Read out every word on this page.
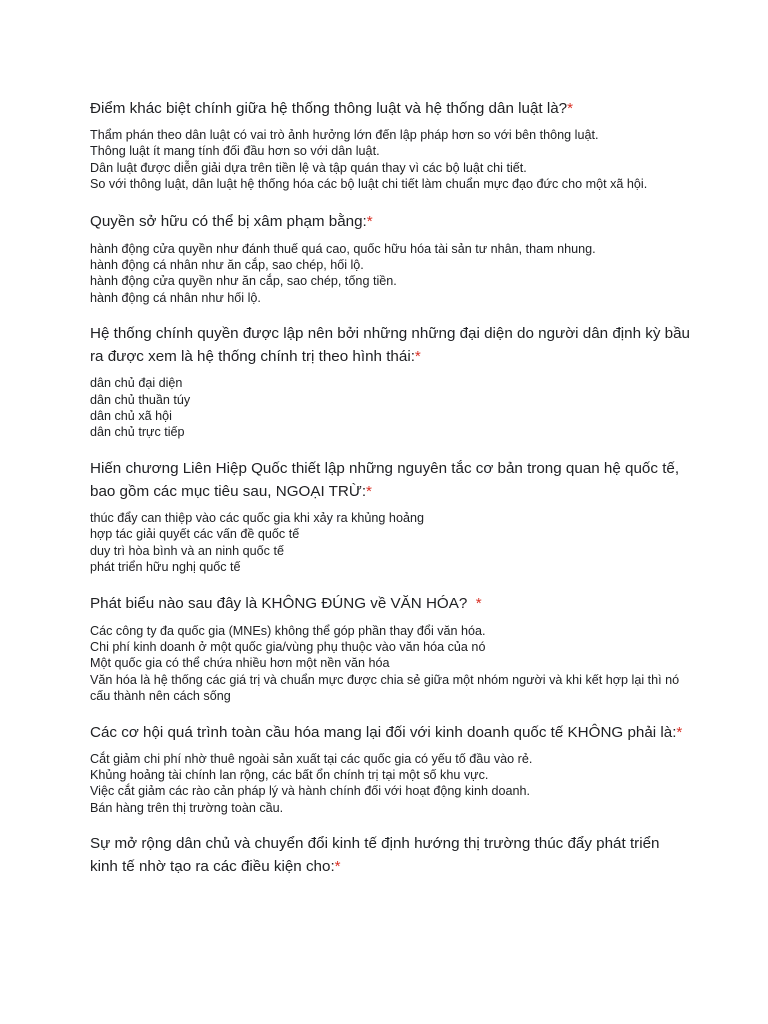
Điểm khác biệt chính giữa hệ thống thông luật và hệ thống dân luật là?*

Thẩm phán theo dân luật có vai trò ảnh hưởng lớn đến lập pháp hơn so với bên thông luật.
Thông luật ít mang tính đối đầu hơn so với dân luật.
Dân luật được diễn giải dựa trên tiền lệ và tập quán thay vì các bộ luật chi tiết.
So với thông luật, dân luật hệ thống hóa các bộ luật chi tiết làm chuẩn mực đạo đức cho một xã hội.

Quyền sở hữu có thể bị xâm phạm bằng:*

hành động cửa quyền như đánh thuế quá cao, quốc hữu hóa tài sản tư nhân, tham nhung.
hành động cá nhân như ăn cắp, sao chép, hối lộ.
hành động cửa quyền như ăn cắp, sao chép, tống tiền.
hành động cá nhân như hối lộ.

Hệ thống chính quyền được lập nên bởi những những đại diện do người dân định kỳ bầu ra được xem là hệ thống chính trị theo hình thái:*

dân chủ đại diện
dân chủ thuần túy
dân chủ xã hội
dân chủ trực tiếp

Hiến chương Liên Hiệp Quốc thiết lập những nguyên tắc cơ bản trong quan hệ quốc tế, bao gồm các mục tiêu sau, NGOẠI TRỪ:*

thúc đẩy can thiệp vào các quốc gia khi xảy ra khủng hoảng
hợp tác giải quyết các vấn đề quốc tế
duy trì hòa bình và an ninh quốc tế
phát triển hữu nghị quốc tế

Phát biểu nào sau đây là KHÔNG ĐÚNG về VĂN HÓA?  *

Các công ty đa quốc gia (MNEs) không thể góp phần thay đổi văn hóa.
Chi phí kinh doanh ở một quốc gia/vùng phụ thuộc vào văn hóa của nó
Một quốc gia có thể chứa nhiều hơn một nền văn hóa
Văn hóa là hệ thống các giá trị và chuẩn mực được chia sẻ giữa một nhóm người và khi kết hợp lại thì nó cấu thành nên cách sống

Các cơ hội quá trình toàn cầu hóa mang lại đối với kinh doanh quốc tế KHÔNG phải là:*

Cắt giảm chi phí nhờ thuê ngoài sản xuất tại các quốc gia có yếu tố đầu vào rẻ.
Khủng hoảng tài chính lan rộng, các bất ổn chính trị tại một số khu vực.
Việc cắt giảm các rào cản pháp lý và hành chính đối với hoạt động kinh doanh.
Bán hàng trên thị trường toàn cầu.

Sự mở rộng dân chủ và chuyển đổi kinh tế định hướng thị trường thúc đẩy phát triển kinh tế nhờ tạo ra các điều kiện cho:*
